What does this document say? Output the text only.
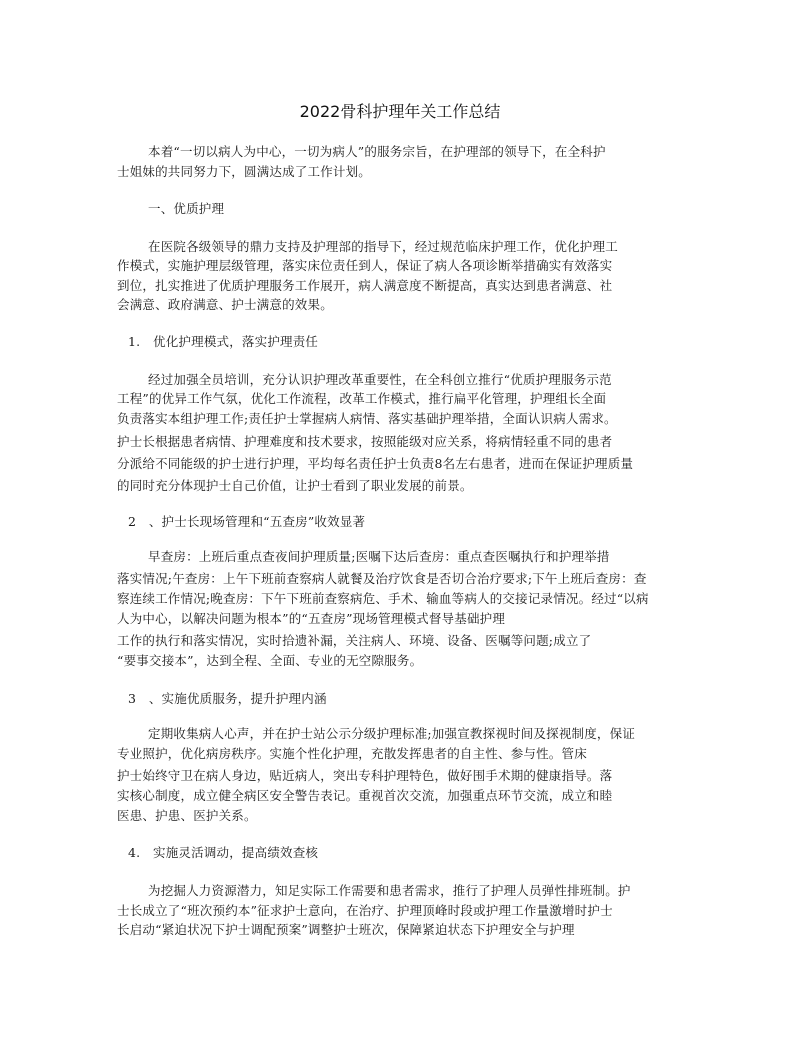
2022骨科护理年关工作总结
本着“一切以病人为中心，一切为病人”的服务宗旨，在护理部的领导下，在全科护
士姐妹的共同努力下，圆满达成了工作计划。
一、优质护理
在医院各级领导的鼎力支持及护理部的指导下，经过规范临床护理工作，优化护理工
作模式，实施护理层级管理，落实床位责任到人，保证了病人各项诊断举措确实有效落实
到位，扎实推进了优质护理服务工作展开，病人满意度不断提高，真实达到患者满意、社
会满意、政府满意、护士满意的效果。
1.　优化护理模式，落实护理责任
经过加强全员培训，充分认识护理改革重要性，在全科创立推行“优质护理服务示范
工程”的优异工作气氛，优化工作流程，改革工作模式，推行扁平化管理，护理组长全面
负责落实本组护理工作;责任护士掌握病人病情、落实基础护理举措，全面认识病人需求。
护士长根据患者病情、护理难度和技术要求，按照能级对应关系，将病情轻重不同的患者
分派给不同能级的护士进行护理，平均每名责任护士负责8名左右患者，进而在保证护理质量
的同时充分体现护士自己价值，让护士看到了职业发展的前景。
2　、护士长现场管理和“五查房”收效显著
早查房：上班后重点查夜间护理质量;医嘱下达后查房：重点查医嘱执行和护理举措
落实情况;午查房：上午下班前查察病人就餐及治疗饮食是否切合治疗要求;下午上班后查房：查
察连续工作情况;晚查房：下午下班前查察病危、手术、输血等病人的交接记录情况。经过“以病
人为中心，以解决问题为根本”的“五查房”现场管理模式督导基础护理
工作的执行和落实情况，实时拾遗补漏，关注病人、环境、设备、医嘱等问题;成立了
“要事交接本”，达到全程、全面、专业的无空隙服务。
3　、实施优质服务，提升护理内涵
定期收集病人心声，并在护士站公示分级护理标准;加强宣教探视时间及探视制度，保证
专业照护，优化病房秩序。实施个性化护理，充散发挥患者的自主性、参与性。管床
护士始终守卫在病人身边，贴近病人，突出专科护理特色，做好围手术期的健康指导。落
实核心制度，成立健全病区安全警告表记。重视首次交流，加强重点环节交流，成立和睦
医患、护患、医护关系。
4.　实施灵活调动，提高绩效查核
为挖掘人力资源潜力，知足实际工作需要和患者需求，推行了护理人员弹性排班制。护
士长成立了“班次预约本”征求护士意向，在治疗、护理顶峰时段或护理工作量激增时护士
长启动“紧迫状况下护士调配预案”调整护士班次，保障紧迫状态下护理安全与护理
